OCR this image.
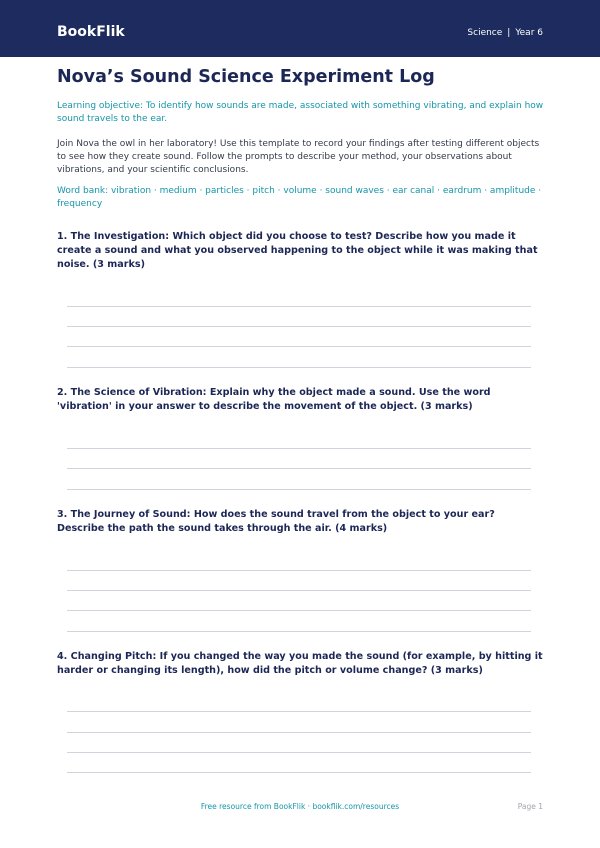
BookFlik	Science | Year 6
Nova’s Sound Science Experiment Log

Learning objective: To identify how sounds are made, associated with something vibrating, and explain how sound travels to the ear.

Join Nova the owl in her laboratory! Use this template to record your findings after testing different objects to see how they create sound. Follow the prompts to describe your method, your observations about vibrations, and your scientific conclusions.

Word bank: vibration · medium · particles · pitch · volume · sound waves · ear canal · eardrum · amplitude · frequency

1. The Investigation: Which object did you choose to test? Describe how you made it create a sound and what you observed happening to the object while it was making that noise. (3 marks)

2. The Science of Vibration: Explain why the object made a sound. Use the word 'vibration' in your answer to describe the movement of the object. (3 marks)

3. The Journey of Sound: How does the sound travel from the object to your ear? Describe the path the sound takes through the air. (4 marks)

4. Changing Pitch: If you changed the way you made the sound (for example, by hitting it harder or changing its length), how did the pitch or volume change? (3 marks)

Free resource from BookFlik · bookflik.com/resources	Page 1
